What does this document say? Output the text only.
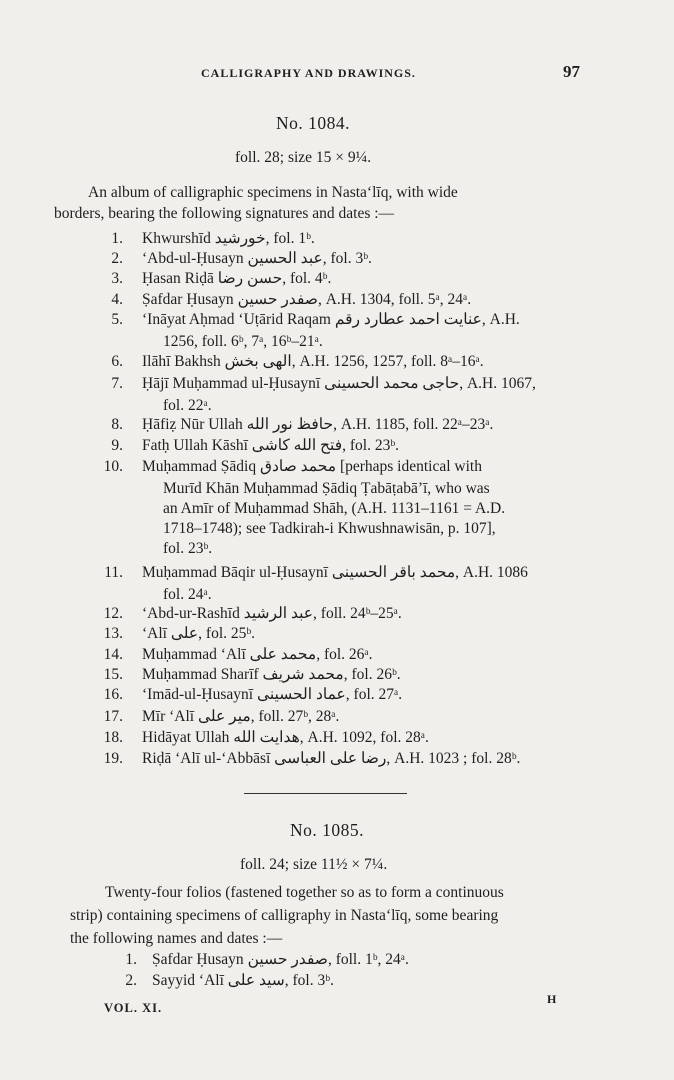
CALLIGRAPHY AND DRAWINGS.	97
No. 1084.
foll. 28; size 15 × 9¼.
An album of calligraphic specimens in Nasta‘līq, with wide
borders, bearing the following signatures and dates :—
1. Khwurshīd خورشيد, fol. 1ᵇ.
2. ‘Abd-ul-Ḥusayn عبد الحسين, fol. 3ᵇ.
3. Ḥasan Riḍā حسن رضا, fol. 4ᵇ.
4. Ṣafdar Ḥusayn صفدر حسين, A.H. 1304, foll. 5ᵃ, 24ᵃ.
5. ‘Ināyat Aḥmad ‘Uṭārid Raqam عنايت احمد عطارد رقم, A.H.
1256, foll. 6ᵇ, 7ᵃ, 16ᵇ–21ᵃ.
6. Ilāhī Bakhsh الهى بخش, A.H. 1256, 1257, foll. 8ᵃ–16ᵃ.
7. Ḥājī Muḥammad ul-Ḥusaynī حاجى محمد الحسينى, A.H. 1067,
fol. 22ᵃ.
8. Ḥāfiẓ Nūr Ullah حافظ نور الله, A.H. 1185, foll. 22ᵃ–23ᵃ.
9. Fatḥ Ullah Kāshī فتح الله كاشى, fol. 23ᵇ.
10. Muḥammad Ṣādiq محمد صادق [perhaps identical with
Murīd Khān Muḥammad Ṣādiq Ṭabāṭabā’ī, who was
an Amīr of Muḥammad Shāh, (A.H. 1131–1161 = A.D.
1718–1748); see Tadkirah-i Khwushnawisān, p. 107],
fol. 23ᵇ.
11. Muḥammad Bāqir ul-Ḥusaynī محمد باقر الحسينى, A.H. 1086
fol. 24ᵃ.
12. ‘Abd-ur-Rashīd عبد الرشيد, foll. 24ᵇ–25ᵃ.
13. ‘Alī على, fol. 25ᵇ.
14. Muḥammad ‘Alī محمد على, fol. 26ᵃ.
15. Muḥammad Sharīf محمد شريف, fol. 26ᵇ.
16. ‘Imād-ul-Ḥusaynī عماد الحسينى, fol. 27ᵃ.
17. Mīr ‘Alī مير على, foll. 27ᵇ, 28ᵃ.
18. Hidāyat Ullah هدايت الله, A.H. 1092, fol. 28ᵃ.
19. Riḍā ‘Alī ul-‘Abbāsī رضا على العباسى, A.H. 1023 ; fol. 28ᵇ.
No. 1085.
foll. 24; size 11½ × 7¼.
Twenty-four folios (fastened together so as to form a continuous
strip) containing specimens of calligraphy in Nasta‘līq, some bearing
the following names and dates :—
1. Ṣafdar Ḥusayn صفدر حسين, foll. 1ᵇ, 24ᵃ.
2. Sayyid ‘Alī سيد على, fol. 3ᵇ.
VOL. XI.
H
